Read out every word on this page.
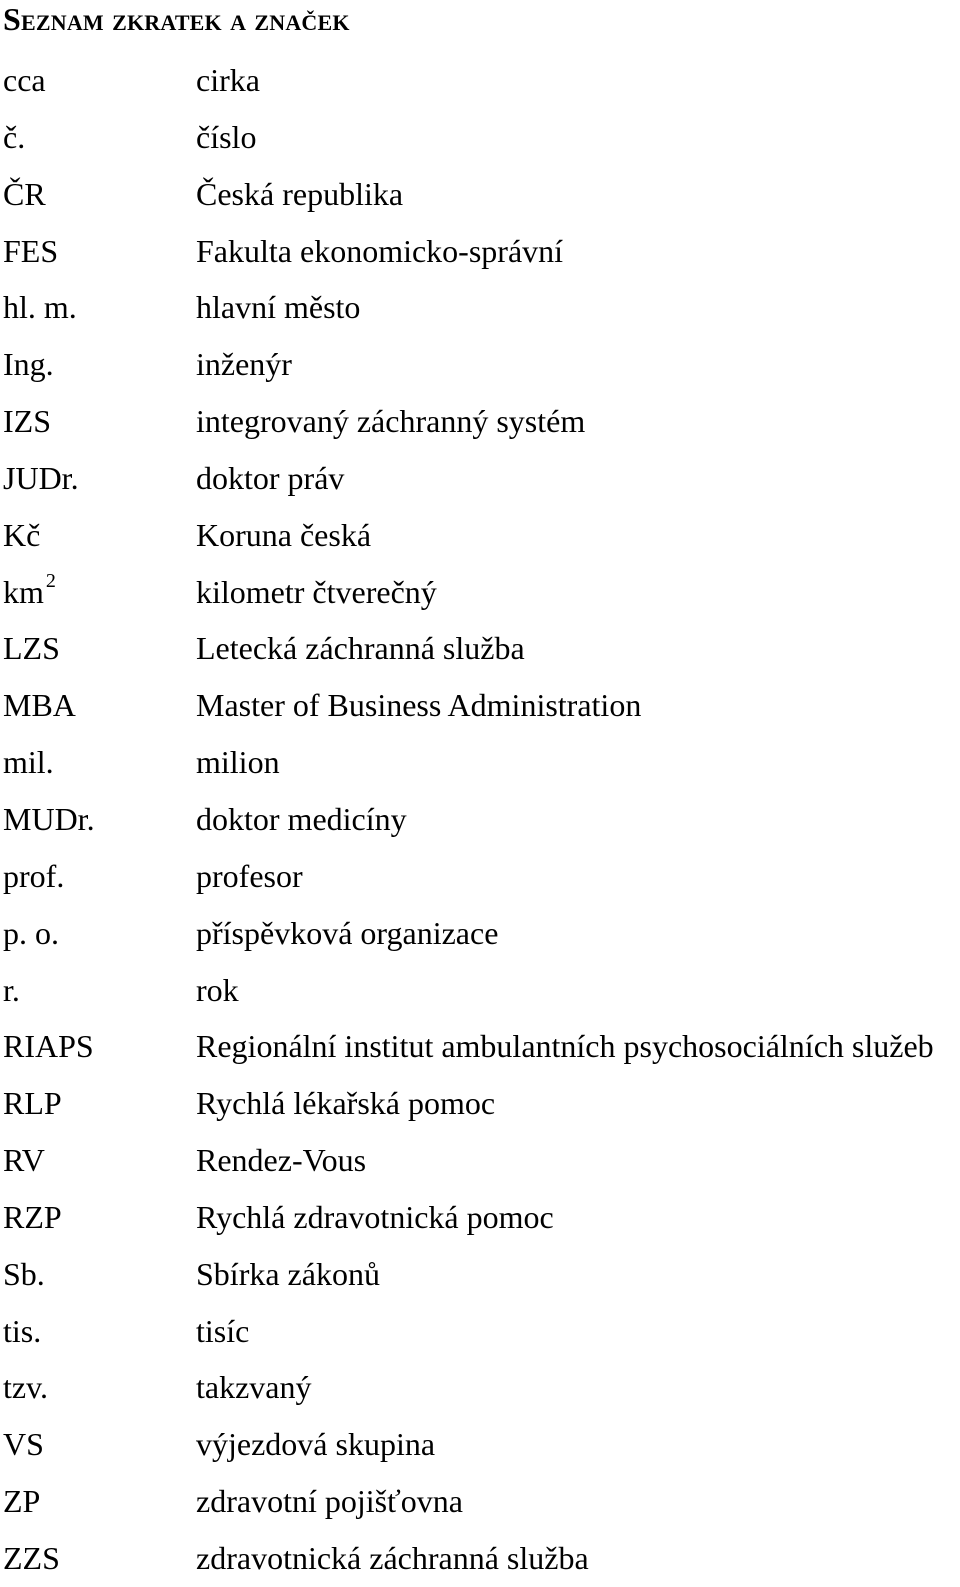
Seznam zkratek a značek
cca	cirka
č.	číslo
ČR	Česká republika
FES	Fakulta ekonomicko-správní
hl. m.	hlavní město
Ing.	inženýr
IZS	integrovaný záchranný systém
JUDr.	doktor práv
Kč	Koruna česká
km $^2$	kilometr čtverečný
LZS	Letecká záchranná služba
MBA	Master of Business Administration
mil.	milion
MUDr.	doktor medicíny
prof.	profesor
p. o.	příspěvková organizace
r.	rok
RIAPS	Regionální institut ambulantních psychosociálních služeb
RLP	Rychlá lékařská pomoc
RV	Rendez-Vous
RZP	Rychlá zdravotnická pomoc
Sb.	Sbírka zákonů
tis.	tisíc
tzv.	takzvaný
VS	výjezdová skupina
ZP	zdravotní pojišťovna
ZZS	zdravotnická záchranná služba
